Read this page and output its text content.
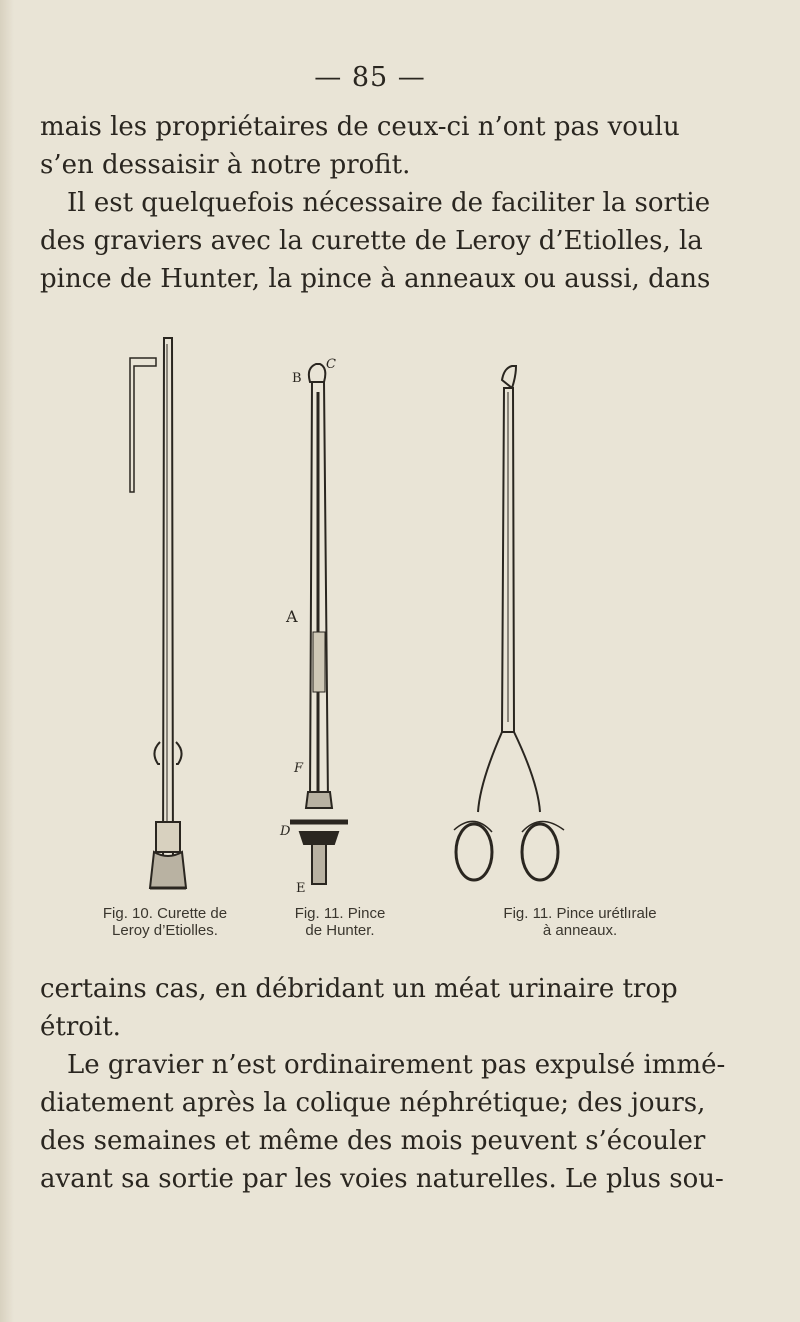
— 85 —

mais les propriétaires de ceux-ci n’ont pas voulu
s’en dessaisir à notre profit.

Il est quelquefois nécessaire de faciliter la sortie
des graviers avec la curette de Leroy d’Etiolles, la
pince de Hunter, la pince à anneaux ou aussi, dans

C
B
A
F
D
E
Fig. 10. Curette de
Leroy d’Etiolles.
Fig. 11. Pince
de Hunter.
Fig. 11. Pince urétlırale
à anneaux.

certains cas, en débridant un méat urinaire trop
étroit.

Le gravier n’est ordinairement pas expulsé immé-
diatement après la colique néphrétique; des jours,
des semaines et même des mois peuvent s’écouler
avant sa sortie par les voies naturelles. Le plus sou-
